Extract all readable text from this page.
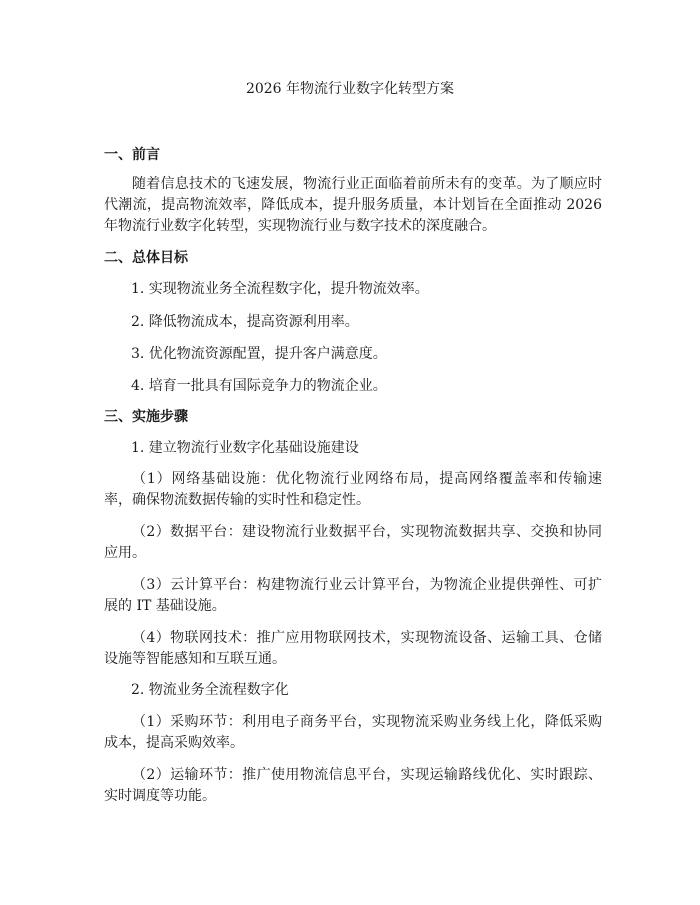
2026 年物流行业数字化转型方案
一、前言

随着信息技术的飞速发展，物流行业正面临着前所未有的变革。为了顺应时代潮流，提高物流效率，降低成本，提升服务质量，本计划旨在全面推动 2026 年物流行业数字化转型，实现物流行业与数字技术的深度融合。

二、总体目标
1. 实现物流业务全流程数字化，提升物流效率。
2. 降低物流成本，提高资源利用率。
3. 优化物流资源配置，提升客户满意度。
4. 培育一批具有国际竞争力的物流企业。
三、实施步骤
1. 建立物流行业数字化基础设施建设

（1）网络基础设施：优化物流行业网络布局，提高网络覆盖率和传输速率，确保物流数据传输的实时性和稳定性。

（2）数据平台：建设物流行业数据平台，实现物流数据共享、交换和协同应用。

（3）云计算平台：构建物流行业云计算平台，为物流企业提供弹性、可扩展的 IT 基础设施。

（4）物联网技术：推广应用物联网技术，实现物流设备、运输工具、仓储设施等智能感知和互联互通。

2. 物流业务全流程数字化

（1）采购环节：利用电子商务平台，实现物流采购业务线上化，降低采购成本，提高采购效率。

（2）运输环节：推广使用物流信息平台，实现运输路线优化、实时跟踪、实时调度等功能。
